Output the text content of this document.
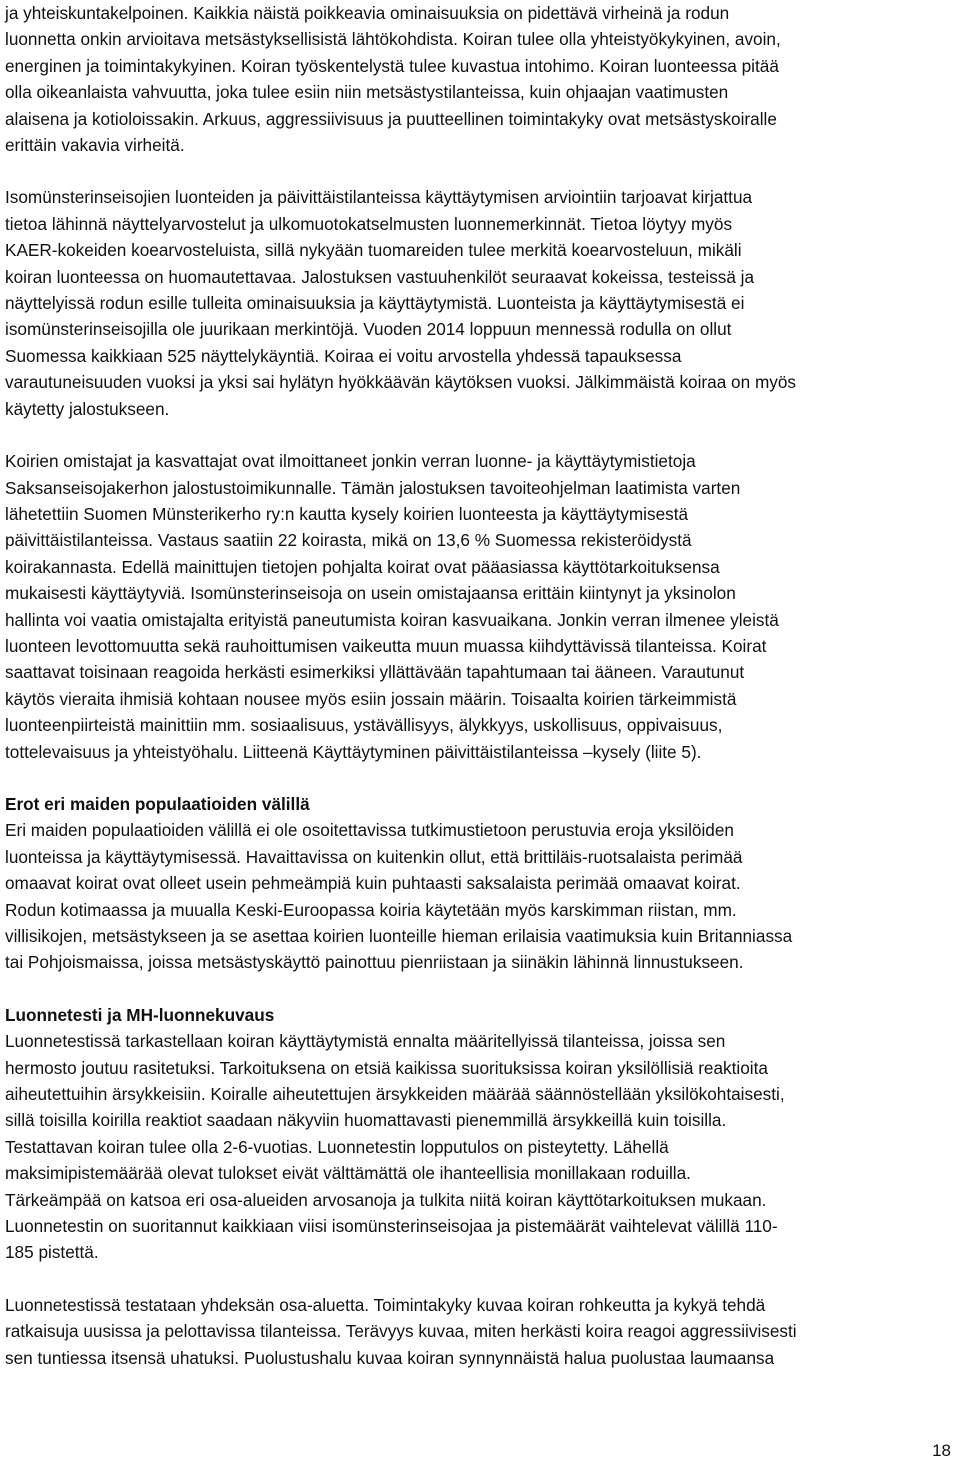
ja yhteiskuntakelpoinen. Kaikkia näistä poikkeavia ominaisuuksia on pidettävä virheinä ja rodun
luonnetta onkin arvioitava metsästyksellisistä lähtökohdista. Koiran tulee olla yhteistyökykyinen, avoin,
energinen ja toimintakykyinen. Koiran työskentelystä tulee kuvastua intohimo. Koiran luonteessa pitää
olla oikeanlaista vahvuutta, joka tulee esiin niin metsästystilanteissa, kuin ohjaajan vaatimusten
alaisena ja kotioloissakin. Arkuus, aggressiivisuus ja puutteellinen toimintakyky ovat metsästyskoiralle
erittäin vakavia virheitä.

Isomünsterinseisojien luonteiden ja päivittäistilanteissa käyttäytymisen arviointiin tarjoavat kirjattua
tietoa lähinnä näyttelyarvostelut ja ulkomuotokatselmusten luonnemerkinnät. Tietoa löytyy myös
KAER-kokeiden koearvosteluista, sillä nykyään tuomareiden tulee merkitä koearvosteluun, mikäli
koiran luonteessa on huomautettavaa. Jalostuksen vastuuhenkilöt seuraavat kokeissa, testeissä ja
näyttelyissä rodun esille tulleita ominaisuuksia ja käyttäytymistä. Luonteista ja käyttäytymisestä ei
isomünsterinseisojilla ole juurikaan merkintöjä. Vuoden 2014 loppuun mennessä rodulla on ollut
Suomessa kaikkiaan 525 näyttelykäyntiä. Koiraa ei voitu arvostella yhdessä tapauksessa
varautuneisuuden vuoksi ja yksi sai hylätyn hyökkäävän käytöksen vuoksi. Jälkimmäistä koiraa on myös
käytetty jalostukseen.

Koirien omistajat ja kasvattajat ovat ilmoittaneet jonkin verran luonne- ja käyttäytymistietoja
Saksanseisojakerhon jalostustoimikunnalle. Tämän jalostuksen tavoiteohjelman laatimista varten
lähetettiin Suomen Münsterikerho ry:n kautta kysely koirien luonteesta ja käyttäytymisestä
päivittäistilanteissa. Vastaus saatiin 22 koirasta, mikä on 13,6 % Suomessa rekisteröidystä
koirakannasta. Edellä mainittujen tietojen pohjalta koirat ovat pääasiassa käyttötarkoituksensa
mukaisesti käyttäytyviä. Isomünsterinseisoja on usein omistajaansa erittäin kiintynyt ja yksinolon
hallinta voi vaatia omistajalta erityistä paneutumista koiran kasvuaikana. Jonkin verran ilmenee yleistä
luonteen levottomuutta sekä rauhoittumisen vaikeutta muun muassa kiihdyttävissä tilanteissa. Koirat
saattavat toisinaan reagoida herkästi esimerkiksi yllättävään tapahtumaan tai ääneen. Varautunut
käytös vieraita ihmisiä kohtaan nousee myös esiin jossain määrin. Toisaalta koirien tärkeimmistä
luonteenpiirteistä mainittiin mm. sosiaalisuus, ystävällisyys, älykkyys, uskollisuus, oppivaisuus,
tottelevaisuus ja yhteistyöhalu. Liitteenä Käyttäytyminen päivittäistilanteissa –kysely (liite 5).

Erot eri maiden populaatioiden välillä

Eri maiden populaatioiden välillä ei ole osoitettavissa tutkimustietoon perustuvia eroja yksilöiden
luonteissa ja käyttäytymisessä. Havaittavissa on kuitenkin ollut, että brittiläis-ruotsalaista perimää
omaavat koirat ovat olleet usein pehmeämpiä kuin puhtaasti saksalaista perimää omaavat koirat.
Rodun kotimaassa ja muualla Keski-Euroopassa koiria käytetään myös karskimman riistan, mm.
villisikojen, metsästykseen ja se asettaa koirien luonteille hieman erilaisia vaatimuksia kuin Britanniassa
tai Pohjoismaissa, joissa metsästyskäyttö painottuu pienriistaan ja siinäkin lähinnä linnustukseen.

Luonnetesti ja MH-luonnekuvaus

Luonnetestissä tarkastellaan koiran käyttäytymistä ennalta määritellyissä tilanteissa, joissa sen
hermosto joutuu rasitetuksi. Tarkoituksena on etsiä kaikissa suorituksissa koiran yksilöllisiä reaktioita
aiheutettuihin ärsykkeisiin. Koiralle aiheutettujen ärsykkeiden määrää säännöstellään yksilökohtaisesti,
sillä toisilla koirilla reaktiot saadaan näkyviin huomattavasti pienemmillä ärsykkeillä kuin toisilla.
Testattavan koiran tulee olla 2-6-vuotias. Luonnetestin lopputulos on pisteytetty. Lähellä
maksimipistemäärää olevat tulokset eivät välttämättä ole ihanteellisia monillakaan roduilla.
Tärkeämpää on katsoa eri osa-alueiden arvosanoja ja tulkita niitä koiran käyttötarkoituksen mukaan.
Luonnetestin on suoritannut kaikkiaan viisi isomünsterinseisojaa ja pistemäärät vaihtelevat välillä 110-
185 pistettä.

Luonnetestissä testataan yhdeksän osa-aluetta. Toimintakyky kuvaa koiran rohkeutta ja kykyä tehdä
ratkaisuja uusissa ja pelottavissa tilanteissa. Terävyys kuvaa, miten herkästi koira reagoi aggressiivisesti
sen tuntiessa itsensä uhatuksi. Puolustushalu kuvaa koiran synnynnäistä halua puolustaa laumaansa

18
